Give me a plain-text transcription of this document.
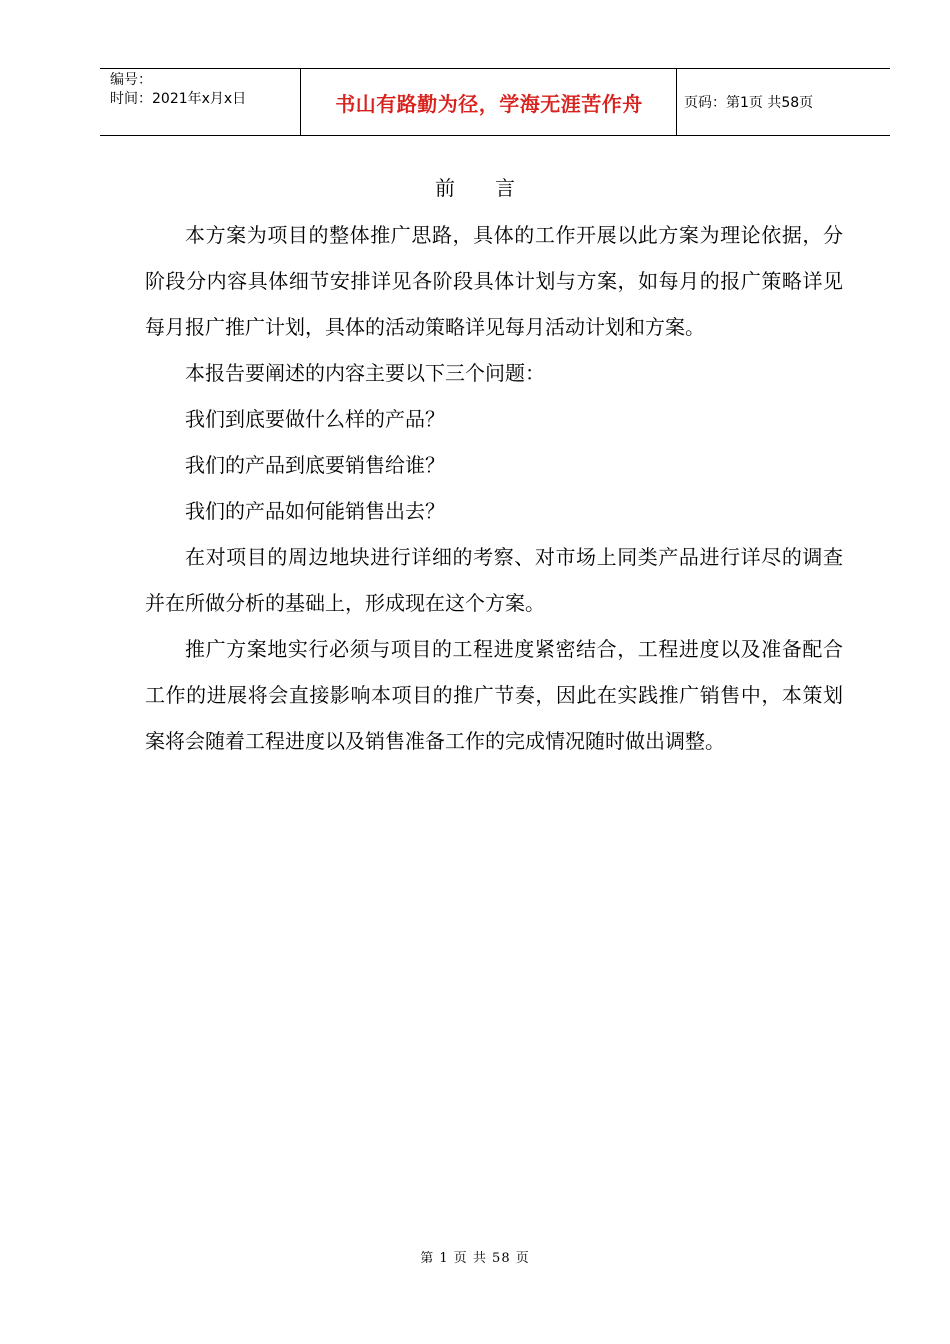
编号：
时间：2021年x月x日	书山有路勤为径，学海无涯苦作舟	页码：第1页 共58页
前言

本方案为项目的整体推广思路，具体的工作开展以此方案为理论依据，分阶段分内容具体细节安排详见各阶段具体计划与方案，如每月的报广策略详见每月报广推广计划，具体的活动策略详见每月活动计划和方案。

本报告要阐述的内容主要以下三个问题：

我们到底要做什么样的产品？

我们的产品到底要销售给谁？

我们的产品如何能销售出去？

在对项目的周边地块进行详细的考察、对市场上同类产品进行详尽的调查并在所做分析的基础上，形成现在这个方案。

推广方案地实行必须与项目的工程进度紧密结合，工程进度以及准备配合工作的进展将会直接影响本项目的推广节奏，因此在实践推广销售中，本策划案将会随着工程进度以及销售准备工作的完成情况随时做出调整。

第 1 页 共 58 页
